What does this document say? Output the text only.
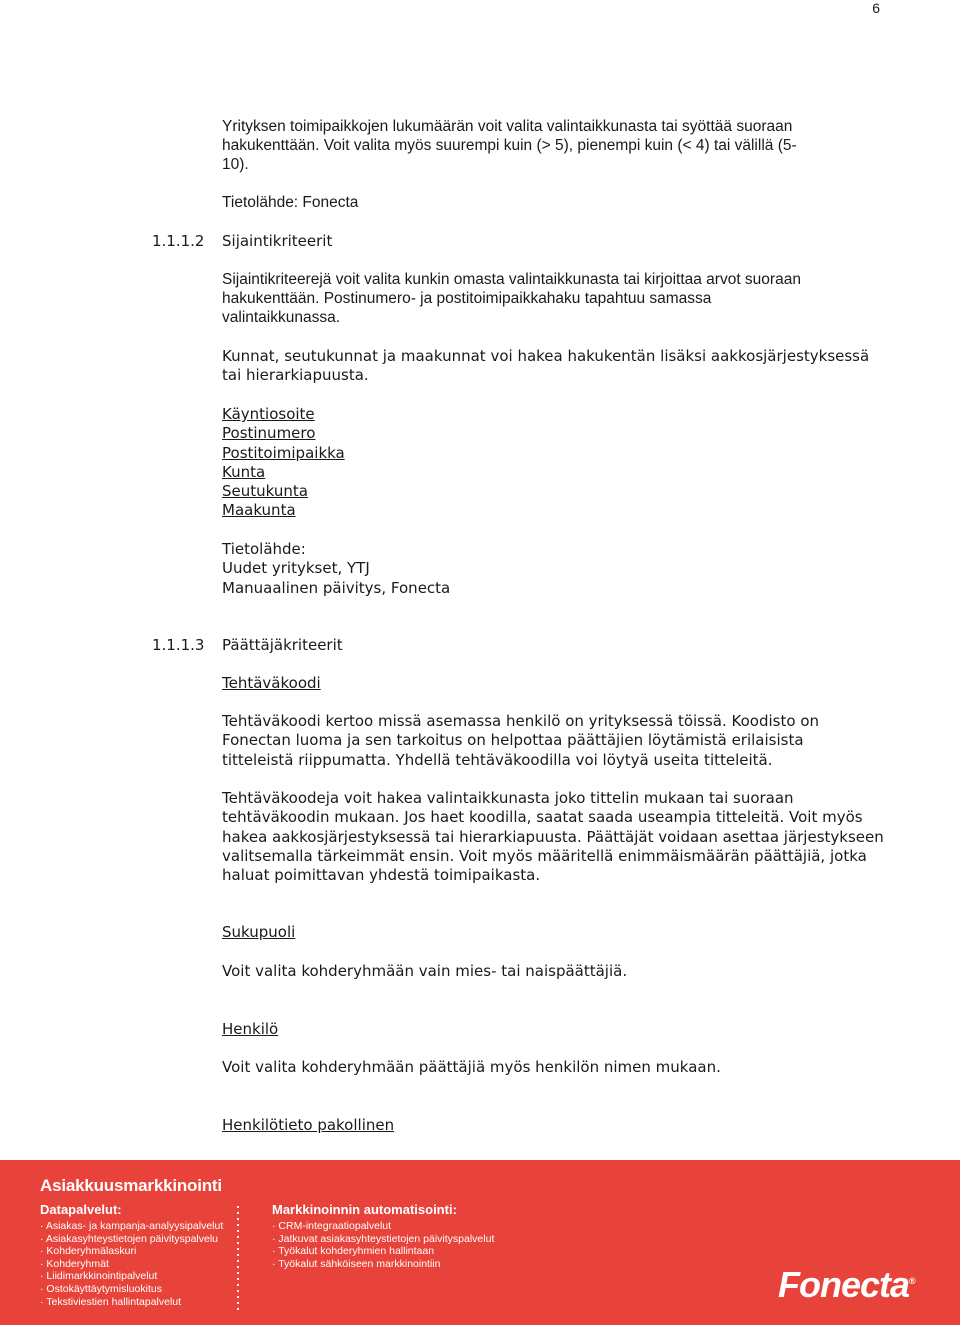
6
Yrityksen toimipaikkojen lukumäärän voit valita valintaikkunasta tai syöttää suoraan
hakukenttään. Voit valita myös suurempi kuin (> 5), pienempi kuin (< 4) tai välillä (5-
10).
Tietolähde: Fonecta
1.1.1.2 Sijaintikriteerit
Sijaintikriteerejä voit valita kunkin omasta valintaikkunasta tai kirjoittaa arvot suoraan
hakukenttään. Postinumero- ja postitoimipaikkahaku tapahtuu samassa
valintaikkunassa.
Kunnat, seutukunnat ja maakunnat voi hakea hakukentän lisäksi aakkosjärjestyksessä
tai hierarkiapuusta.
Käyntiosoite
Postinumero
Postitoimipaikka
Kunta
Seutukunta
Maakunta
Tietolähde:
Uudet yritykset, YTJ
Manuaalinen päivitys, Fonecta
1.1.1.3 Päättäjäkriteerit
Tehtäväkoodi
Tehtäväkoodi kertoo missä asemassa henkilö on yrityksessä töissä. Koodisto on
Fonectan luoma ja sen tarkoitus on helpottaa päättäjien löytämistä erilaisista
titteleistä riippumatta. Yhdellä tehtäväkoodilla voi löytyä useita titteleitä.
Tehtäväkoodeja voit hakea valintaikkunasta joko tittelin mukaan tai suoraan
tehtäväkoodin mukaan. Jos haet koodilla, saatat saada useampia titteleitä. Voit myös
hakea aakkosjärjestyksessä tai hierarkiapuusta. Päättäjät voidaan asettaa järjestykseen
valitsemalla tärkeimmät ensin. Voit myös määritellä enimmäismäärän päättäjiä, jotka
haluat poimittavan yhdestä toimipaikasta.
Sukupuoli
Voit valita kohderyhmään vain mies- tai naispäättäjiä.
Henkilö
Voit valita kohderyhmään päättäjiä myös henkilön nimen mukaan.
Henkilötieto pakollinen
Asiakkuusmarkkinointi
Datapalvelut:
· Asiakas- ja kampanja-analyysipalvelut
· Asiakasyhteystietojen päivityspalvelu
· Kohderyhmälaskuri
· Kohderyhmät
· Liidimarkkinointipalvelut
· Ostokäyttäytymisluokitus
· Tekstiviestien hallintapalvelut
Markkinoinnin automatisointi:
· CRM-integraatiopalvelut
· Jatkuvat asiakasyhteystietojen päivityspalvelut
· Työkalut kohderyhmien hallintaan
· Työkalut sähköiseen markkinointiin
Fonecta®
